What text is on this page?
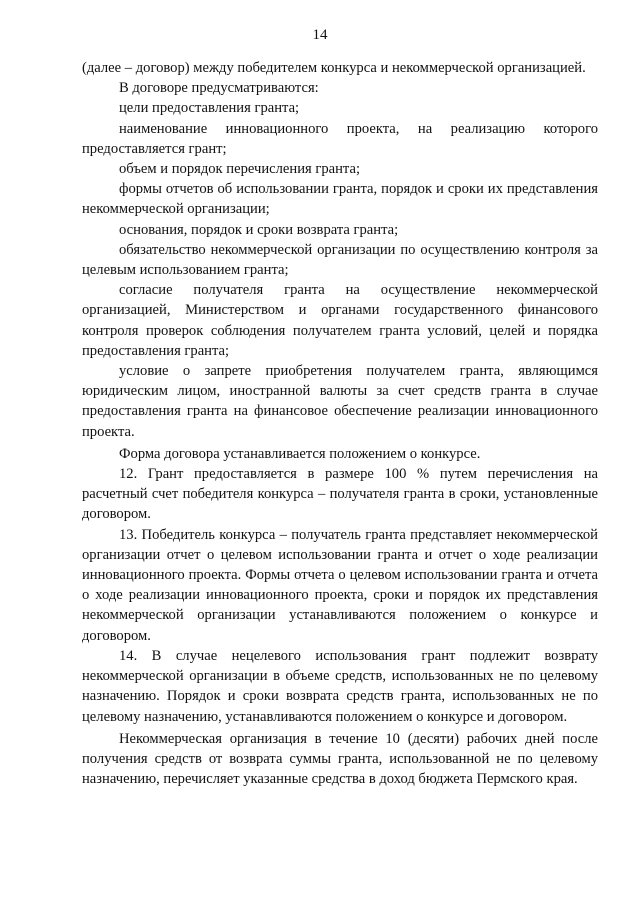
14

(далее – договор) между победителем конкурса и некоммерческой организацией.

В договоре предусматриваются:

цели предоставления гранта;

наименование инновационного проекта, на реализацию которого предоставляется грант;

объем и порядок перечисления гранта;

формы отчетов об использовании гранта, порядок и сроки их представления некоммерческой организации;

основания, порядок и сроки возврата гранта;

обязательство некоммерческой организации по осуществлению контроля за целевым использованием гранта;

согласие получателя гранта на осуществление некоммерческой организацией, Министерством и органами государственного финансового контроля проверок соблюдения получателем гранта условий, целей и порядка предоставления гранта;

условие о запрете приобретения получателем гранта, являющимся юридическим лицом, иностранной валюты за счет средств гранта в случае предоставления гранта на финансовое обеспечение реализации инновационного проекта.

Форма договора устанавливается положением о конкурсе.

12. Грант предоставляется в размере 100 % путем перечисления на расчетный счет победителя конкурса – получателя гранта в сроки, установленные договором.

13. Победитель конкурса – получатель гранта представляет некоммерческой организации отчет о целевом использовании гранта и отчет о ходе реализации инновационного проекта. Формы отчета о целевом использовании гранта и отчета о ходе реализации инновационного проекта, сроки и порядок их представления некоммерческой организации устанавливаются положением о конкурсе и договором.

14. В случае нецелевого использования грант подлежит возврату некоммерческой организации в объеме средств, использованных не по целевому назначению. Порядок и сроки возврата средств гранта, использованных не по целевому назначению, устанавливаются положением о конкурсе и договором.

Некоммерческая организация в течение 10 (десяти) рабочих дней после получения средств от возврата суммы гранта, использованной не по целевому назначению, перечисляет указанные средства в доход бюджета Пермского края.
